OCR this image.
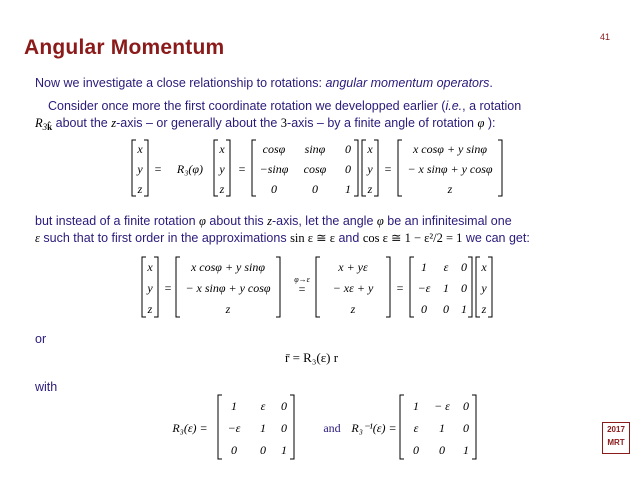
Angular Momentum	41
Now we investigate a close relationship to rotations: angular momentum operators.
Consider once more the first coordinate rotation we developped earlier (i.e., a rotation
$R_{3k̂}$ about the z-axis – or generally about the 3-axis – by a finite angle of rotation φ ):
x
y
z
= R₃(φ)
x
y
z
=
cosφ sinφ 0
−sinφ cosφ 0
0	0 1
x
y
z
=
x cosφ + y sinφ
− x sinφ + y cosφ
z
but instead of a finite rotation φ about this z-axis, let the angle φ be an infinitesimal one
ε such that to first order in the approximations sin ε ≅ ε and cos ε ≅ 1 − ε²/2 = 1 we can get:
x
y
z
=
x cosφ + y sinφ
− x sinφ + y cosφ
z
φ→ε
=
x + yε
− xε + y
z
=
1 ε 0
−ε 1 0
0 0 1
x
y
z
or
r̄ = R₃(ε) r
with
R₃(ε) =
1 ε 0
−ε 1 0
0 0 1
and R₃⁻¹(ε) =
1 − ε 0
ε 1 0
0 0 1
2017
MRT
